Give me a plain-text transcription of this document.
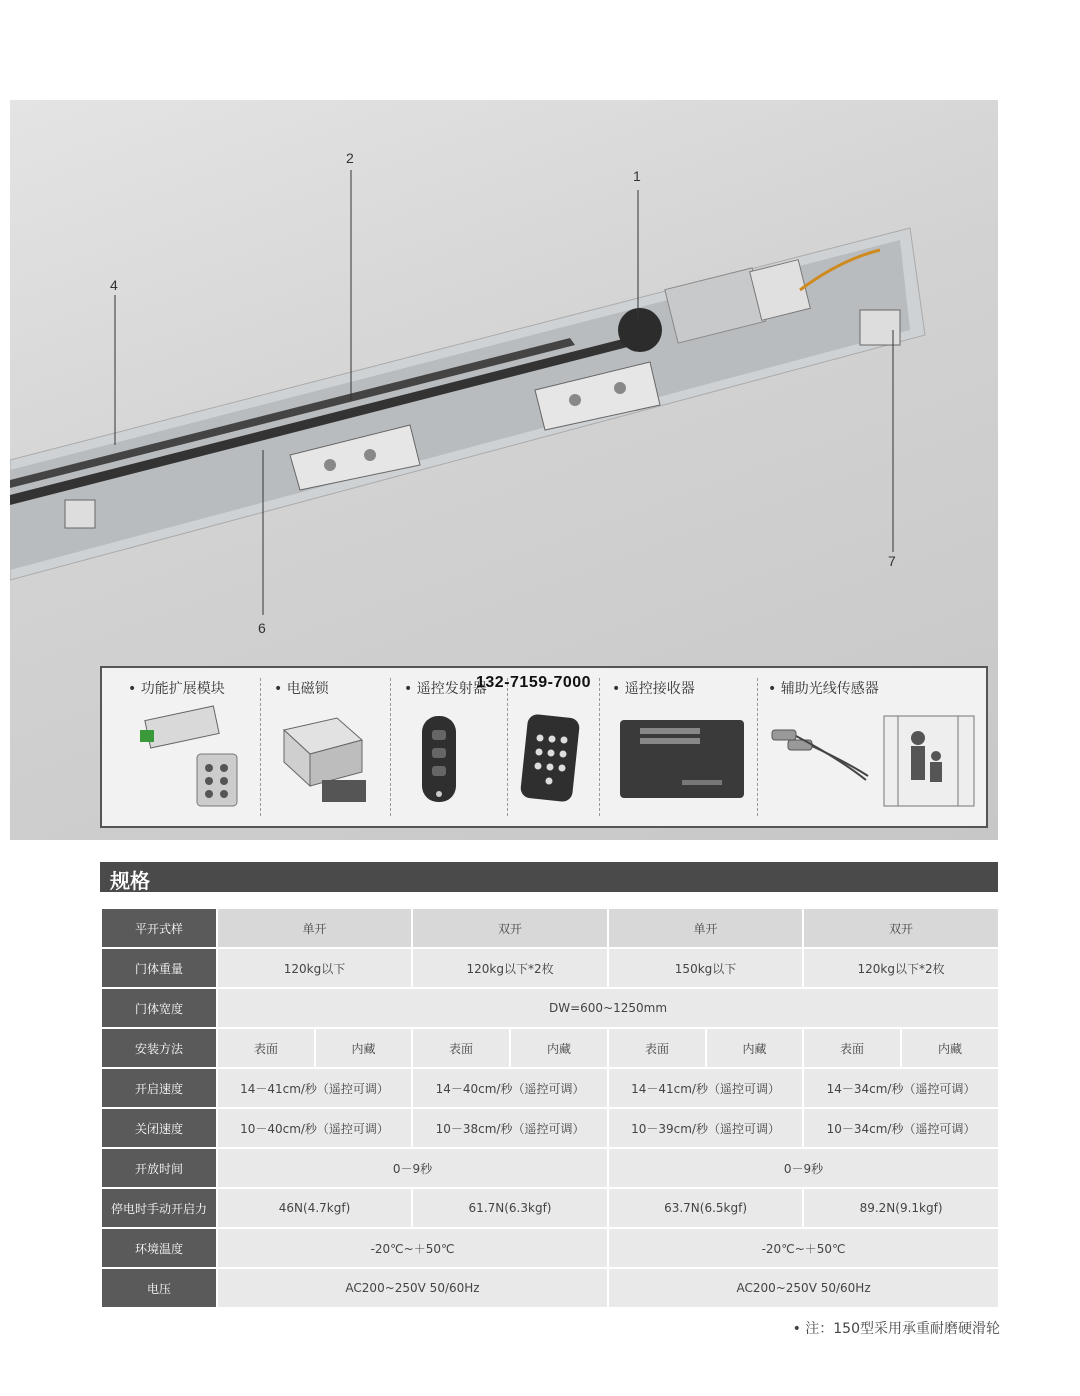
1
2
4
6
7
• 功能扩展模块	• 电磁锁	• 遥控发射器	• 遥控接收器	• 辅助光线传感器
132-7159-7000
规格
平开式样	单开		双开		单开		双开	
门体重量	120kg以下		120kg以下*2枚		150kg以下		120kg以下*2枚	
门体宽度	DW=600~1250mm							
安装方法	表面	内藏	表面	内藏	表面	内藏	表面	内藏
开启速度	14－41cm/秒（遥控可调）		14－40cm/秒（遥控可调）		14－41cm/秒（遥控可调）		14－34cm/秒（遥控可调）	
关闭速度	10－40cm/秒（遥控可调）		10－38cm/秒（遥控可调）		10－39cm/秒（遥控可调）		10－34cm/秒（遥控可调）	
开放时间	0－9秒				0－9秒			
停电时手动开启力	46N(4.7kgf)		61.7N(6.3kgf)		63.7N(6.5kgf)		89.2N(9.1kgf)	
环境温度	-20℃~＋50℃				-20℃~＋50℃			
电压	AC200~250V 50/60Hz				AC200~250V 50/60Hz			
• 注：150型采用承重耐磨硬滑轮
